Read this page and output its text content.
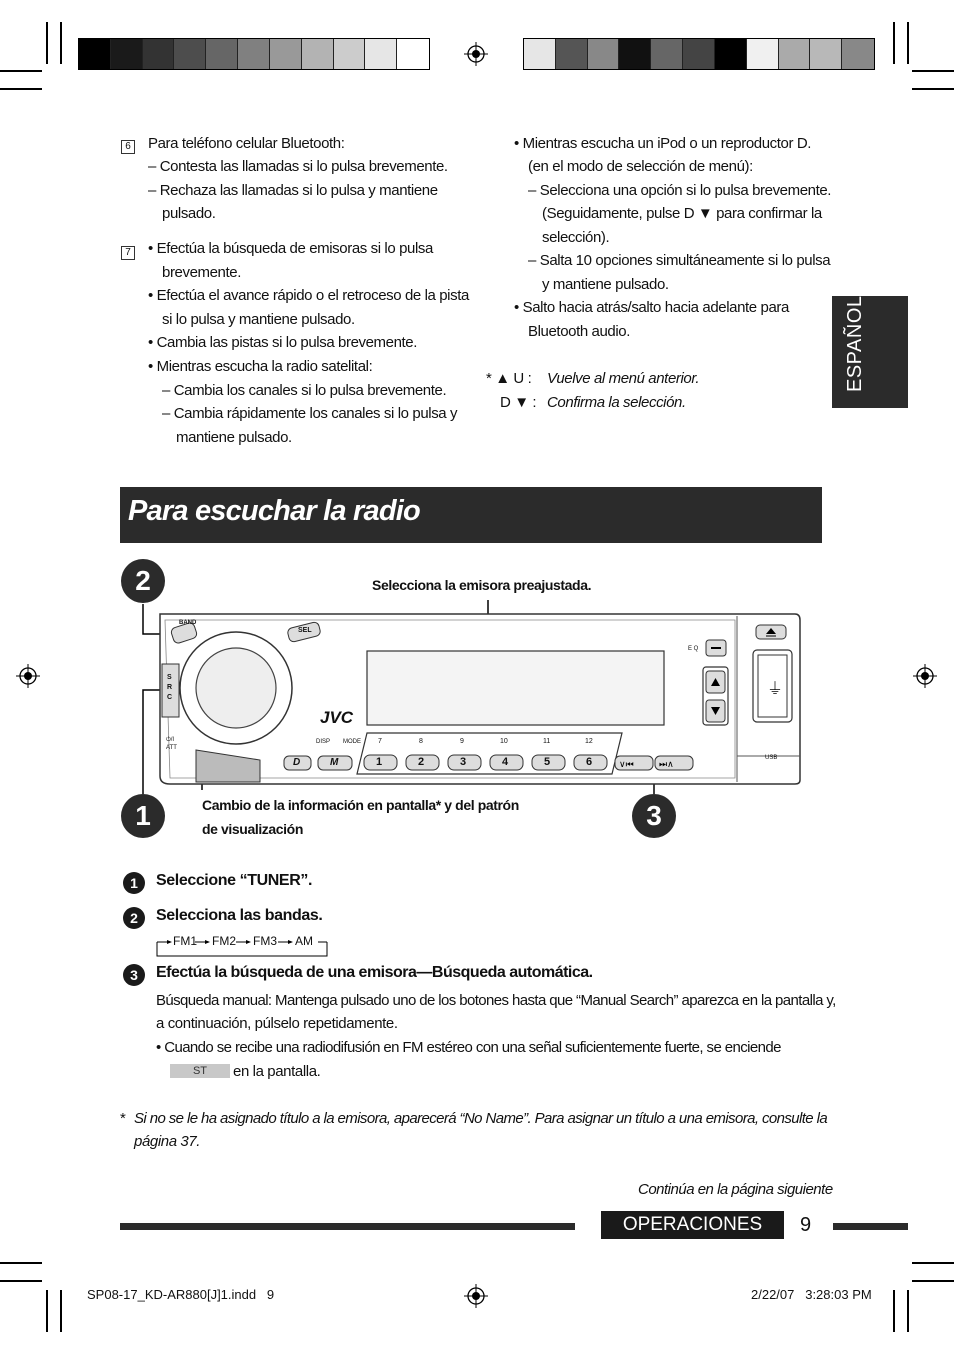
6 Para teléfono celular Bluetooth:
– Contesta las llamadas si lo pulsa brevemente.
– Rechaza las llamadas si lo pulsa y mantiene
pulsado.
7 • Efectúa la búsqueda de emisoras si lo pulsa
brevemente.
• Efectúa el avance rápido o el retroceso de la pista
si lo pulsa y mantiene pulsado.
• Cambia las pistas si lo pulsa brevemente.
• Mientras escucha la radio satelital:
– Cambia los canales si lo pulsa brevemente.
– Cambia rápidamente los canales si lo pulsa y
mantiene pulsado.
• Mientras escucha un iPod o un reproductor D.
(en el modo de selección de menú):
– Selecciona una opción si lo pulsa brevemente.
(Seguidamente, pulse D ▼ para confirmar la
selección).
– Salta 10 opciones simultáneamente si lo pulsa
y mantiene pulsado.
• Salto hacia atrás/salto hacia adelante para
Bluetooth audio.
* ▲ U : Vuelve al menú anterior.
D ▼ : Confirma la selección.
ESPAÑOL
Para escuchar la radio
2
1	3
Selecciona la emisora preajustada.
Cambio de la información en pantalla* y del patrón
de visualización
⏚
∨⏮	⏭∧
BAND
SEL
S
R
C
⏻/I
ATT
JVC
DISP MODE
E Q
USB
D	M	1	2	3	4	5	6
7	8	9	10	11	12
1	Seleccione “TUNER”.
2	Selecciona las bandas.
FM1 FM2 FM3 AM
3	Efectúa la búsqueda de una emisora—Búsqueda automática.
Búsqueda manual: Mantenga pulsado uno de los botones hasta que “Manual Search” aparezca en la pantalla y,
a continuación, púlselo repetidamente.
• Cuando se recibe una radiodifusión en FM estéreo con una señal suficientemente fuerte, se enciende
ST	en la pantalla.
* Si no se le ha asignado título a la emisora, aparecerá “No Name”. Para asignar un título a una emisora, consulte la
página 37.
Continúa en la página siguiente
OPERACIONES	9
SP08-17_KD-AR880[J]1.indd   9	2/22/07   3:28:03 PM
